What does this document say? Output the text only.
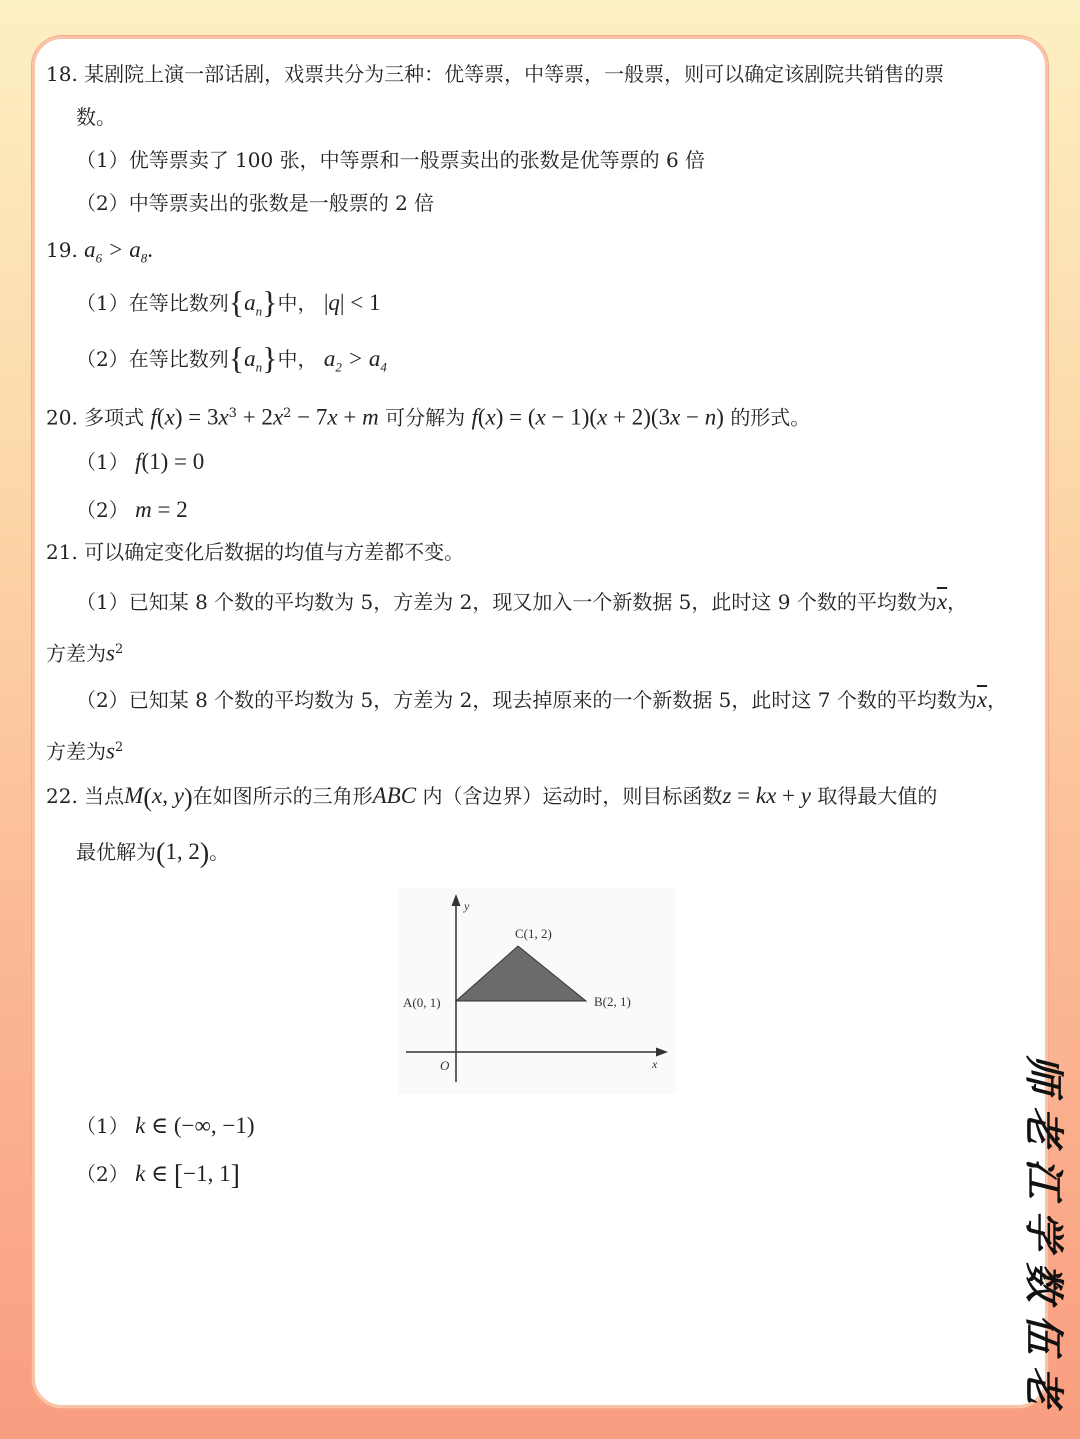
18. 某剧院上演一部话剧，戏票共分为三种：优等票，中等票，一般票，则可以确定该剧院共销售的票
数。
（1）优等票卖了 100 张，中等票和一般票卖出的张数是优等票的 6 倍
（2）中等票卖出的张数是一般票的 2 倍
19. $a_6 > a_8$.
（1）在等比数列$\{a_n\}$中， |q| < 1
（2）在等比数列$\{a_n\}$中， $a_2 > a_4$
20. 多项式 $f(x) = 3x^3 + 2x^2 - 7x + m$ 可分解为 f(x) = (x − 1)(x + 2)(3x − n) 的形式。
（1） f(1) = 0
（2） m = 2
21. 可以确定变化后数据的均值与方差都不变。
（1）已知某 8 个数的平均数为 5，方差为 2，现又加入一个新数据 5，此时这 9 个数的平均数为$\overline{x}$，
方差为$s^2$
（2）已知某 8 个数的平均数为 5，方差为 2，现去掉原来的一个新数据 5，此时这 7 个数的平均数为$\overline{x}$，
方差为$s^2$
22. 当点M(x, y)在如图所示的三角形ABC 内（含边界）运动时，则目标函数z = kx + y 取得最大值的
最优解为(1, 2)。
y
x
O
A(0, 1)	B(2, 1)
C(1, 2)
（1） k ∈ (−∞, −1)
（2） k ∈ [−1, 1]
师
老
江
学
数
伍
老
